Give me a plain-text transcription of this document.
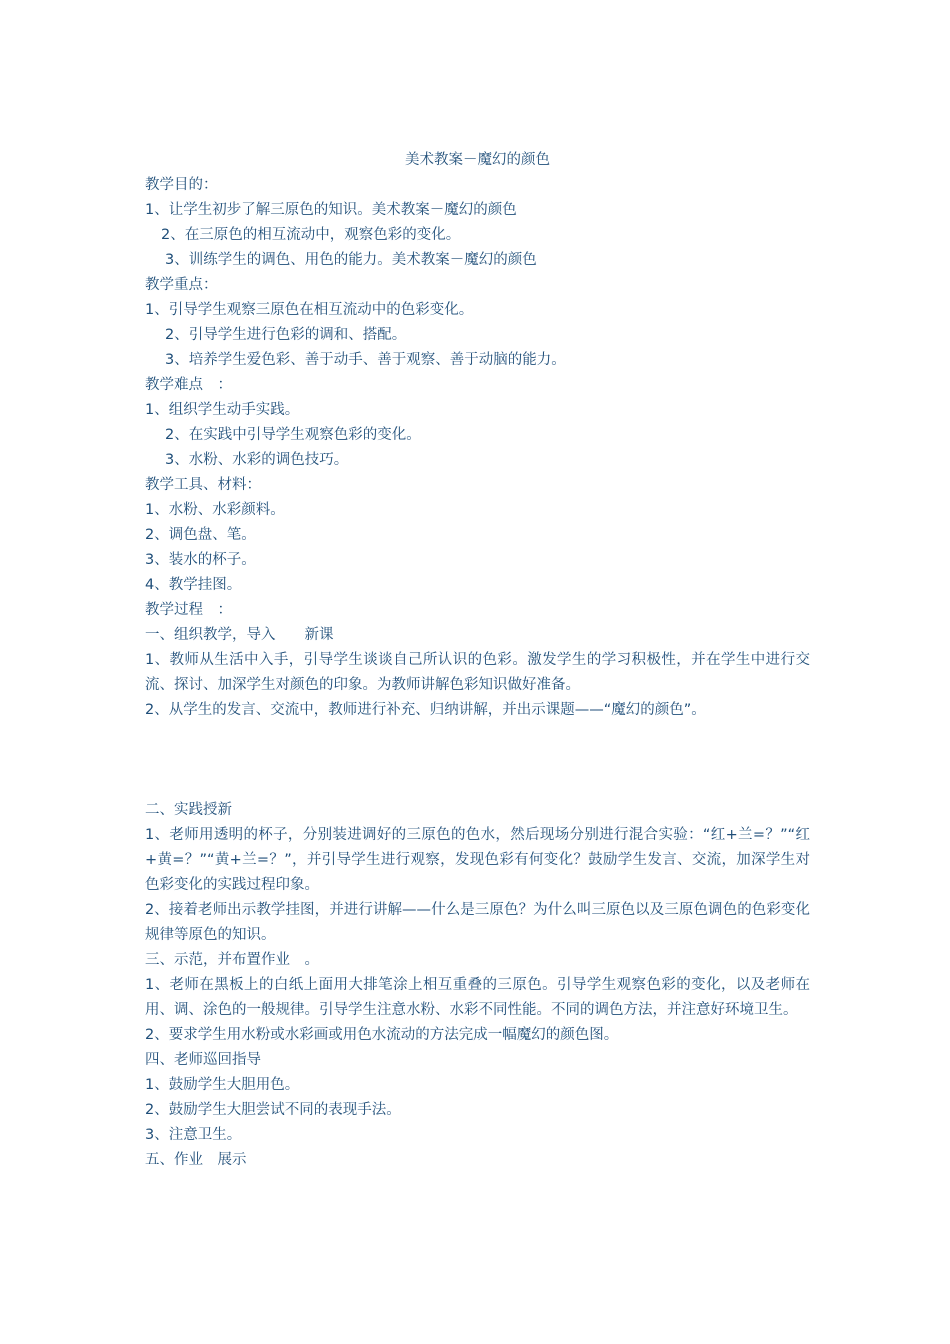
美术教案－魔幻的颜色
教学目的：
1、让学生初步了解三原色的知识。美术教案－魔幻的颜色
2、在三原色的相互流动中，观察色彩的变化。
3、训练学生的调色、用色的能力。美术教案－魔幻的颜色
教学重点：
1、引导学生观察三原色在相互流动中的色彩变化。
2、引导学生进行色彩的调和、搭配。
3、培养学生爱色彩、善于动手、善于观察、善于动脑的能力。
教学难点　：
1、组织学生动手实践。
2、在实践中引导学生观察色彩的变化。
3、水粉、水彩的调色技巧。
教学工具、材料：
1、水粉、水彩颜料。
2、调色盘、笔。
3、装水的杯子。
4、教学挂图。
教学过程　：
一、组织教学，导入　　新课
1、教师从生活中入手，引导学生谈谈自己所认识的色彩。激发学生的学习积极性，并在学生中进行交流、探讨、加深学生对颜色的印象。为教师讲解色彩知识做好准备。
2、从学生的发言、交流中，教师进行补充、归纳讲解，并出示课题——“魔幻的颜色”。
二、实践授新
1、老师用透明的杯子，分别装进调好的三原色的色水，然后现场分别进行混合实验：“红+兰=？”“红+黄=？”“黄+兰=？”，并引导学生进行观察，发现色彩有何变化？鼓励学生发言、交流，加深学生对色彩变化的实践过程印象。
2、接着老师出示教学挂图，并进行讲解——什么是三原色？为什么叫三原色以及三原色调色的色彩变化规律等原色的知识。
三、示范，并布置作业　。
1、老师在黑板上的白纸上面用大排笔涂上相互重叠的三原色。引导学生观察色彩的变化，以及老师在用、调、涂色的一般规律。引导学生注意水粉、水彩不同性能。不同的调色方法，并注意好环境卫生。
2、要求学生用水粉或水彩画或用色水流动的方法完成一幅魔幻的颜色图。
四、老师巡回指导
1、鼓励学生大胆用色。
2、鼓励学生大胆尝试不同的表现手法。
3、注意卫生。
五、作业　展示
